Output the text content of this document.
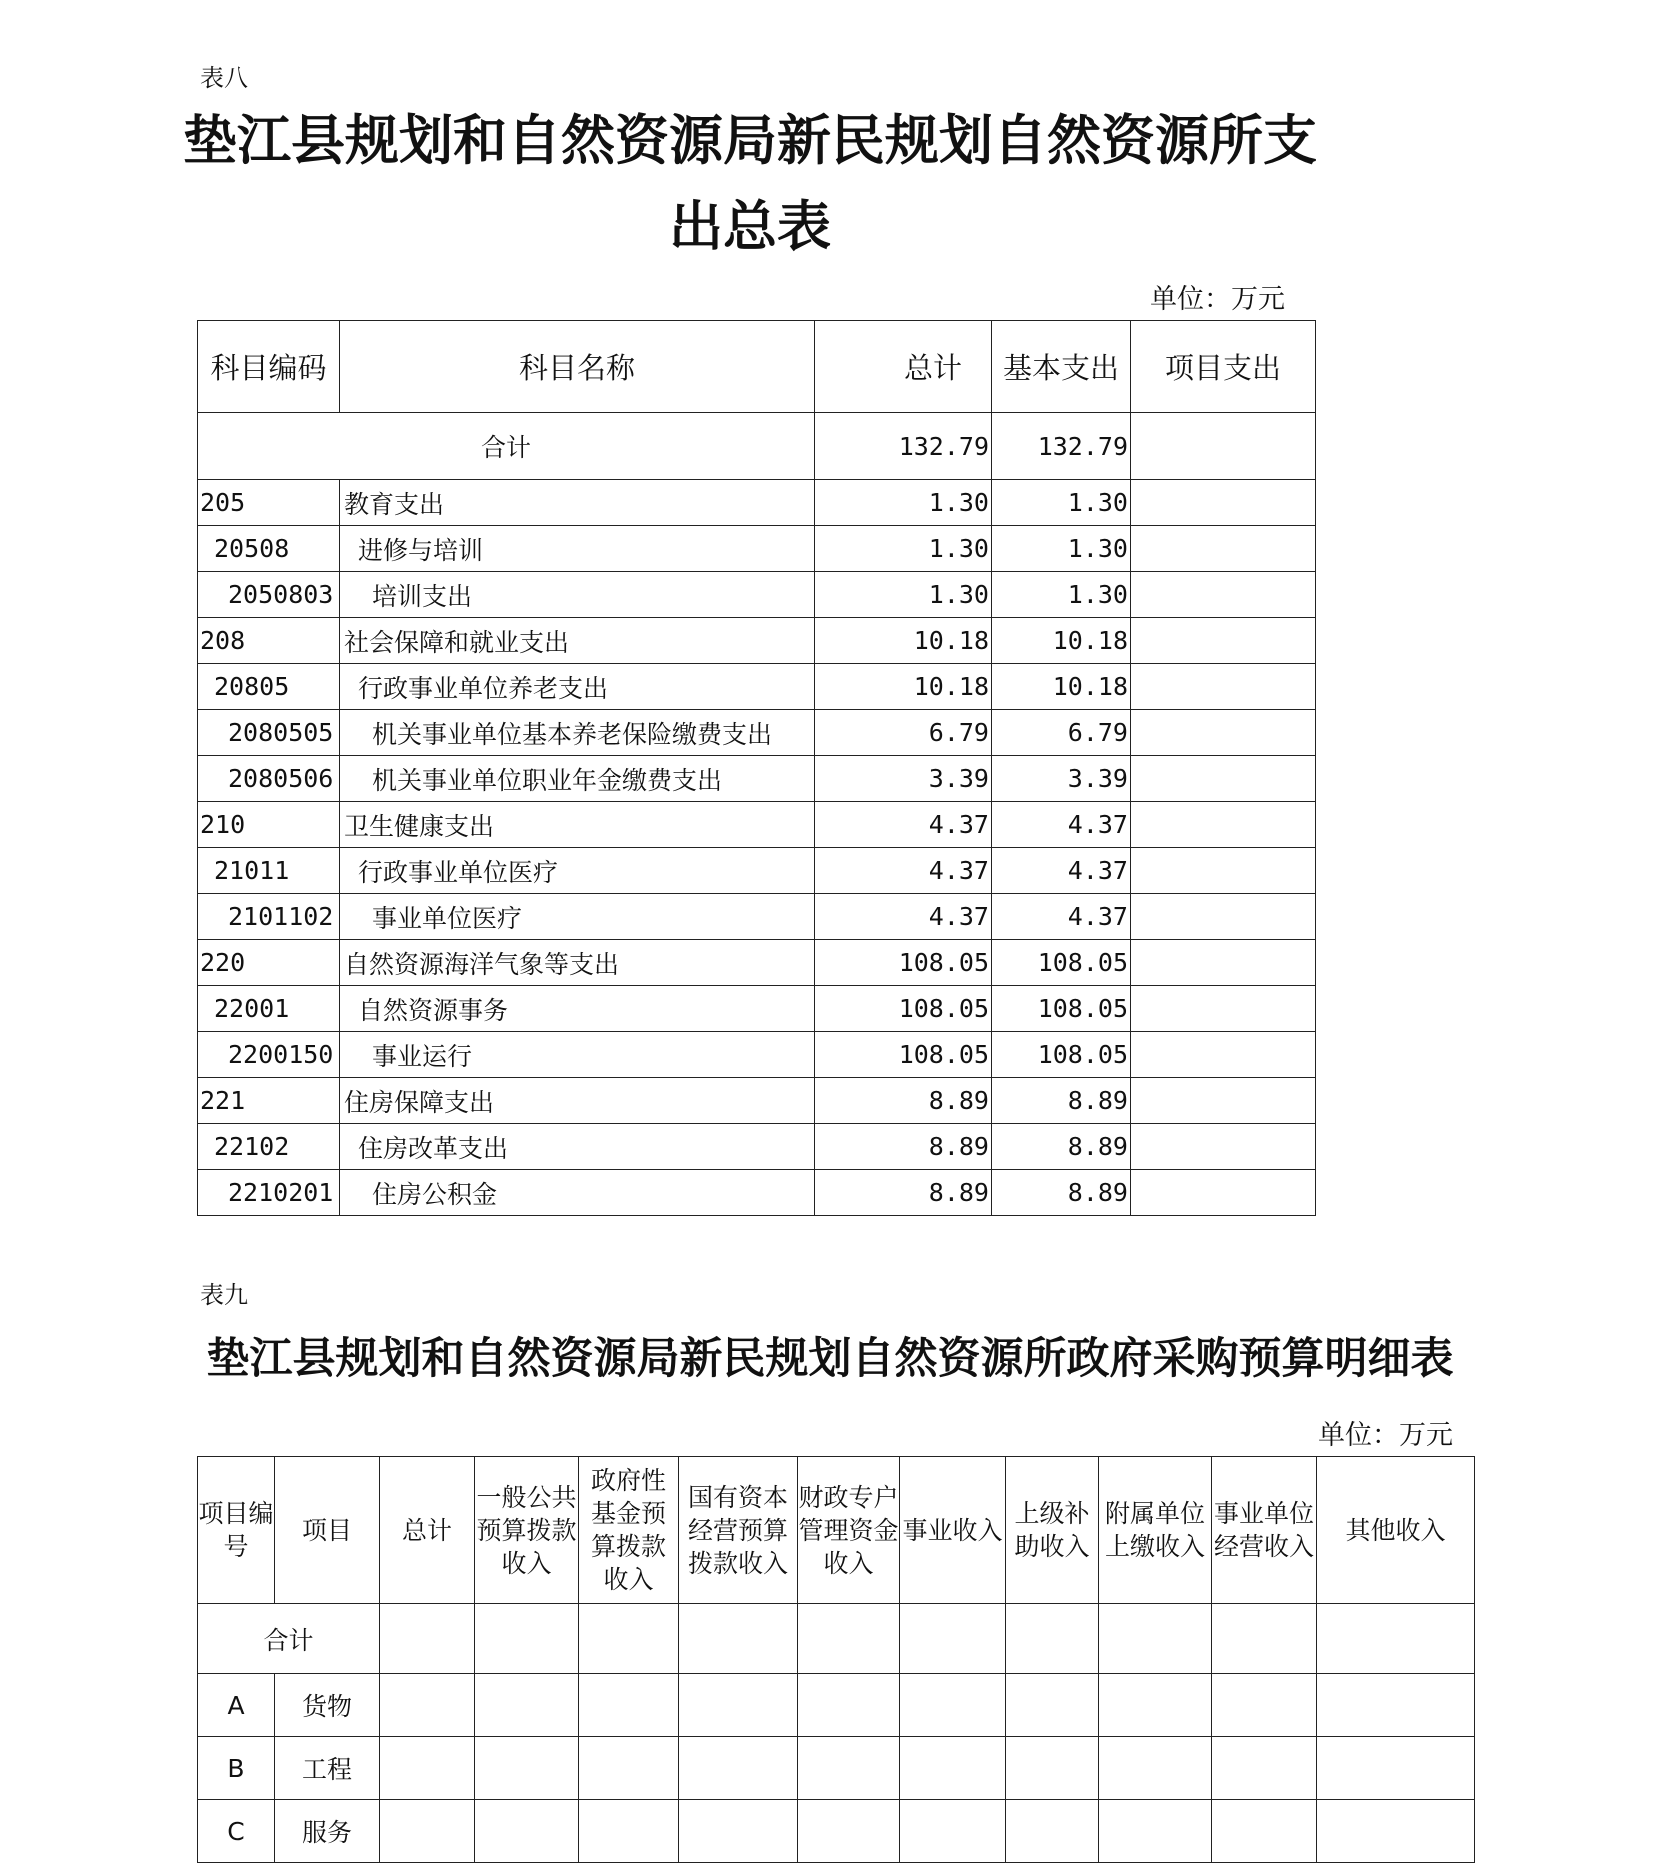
表八
垫江县规划和自然资源局新民规划自然资源所支
出总表
单位：万元
科目编码	科目名称	总计	基本支出	项目支出
合计		132.79	132.79	
205	教育支出	1.30	1.30	
20508	进修与培训	1.30	1.30	
2050803	培训支出	1.30	1.30	
208	社会保障和就业支出	10.18	10.18	
20805	行政事业单位养老支出	10.18	10.18	
2080505	机关事业单位基本养老保险缴费支出	6.79	6.79	
2080506	机关事业单位职业年金缴费支出	3.39	3.39	
210	卫生健康支出	4.37	4.37	
21011	行政事业单位医疗	4.37	4.37	
2101102	事业单位医疗	4.37	4.37	
220	自然资源海洋气象等支出	108.05	108.05	
22001	自然资源事务	108.05	108.05	
2200150	事业运行	108.05	108.05	
221	住房保障支出	8.89	8.89	
22102	住房改革支出	8.89	8.89	
2210201	住房公积金	8.89	8.89	
表九
垫江县规划和自然资源局新民规划自然资源所政府采购预算明细表
单位：万元
项目编号	项目	总计	一般公共预算拨款收入	政府性基金预算拨款收入	国有资本经营预算拨款收入	财政专户管理资金收入	事业收入	上级补助收入	附属单位上缴收入	事业单位经营收入	其他收入
合计											
A	货物										
B	工程										
C	服务										
